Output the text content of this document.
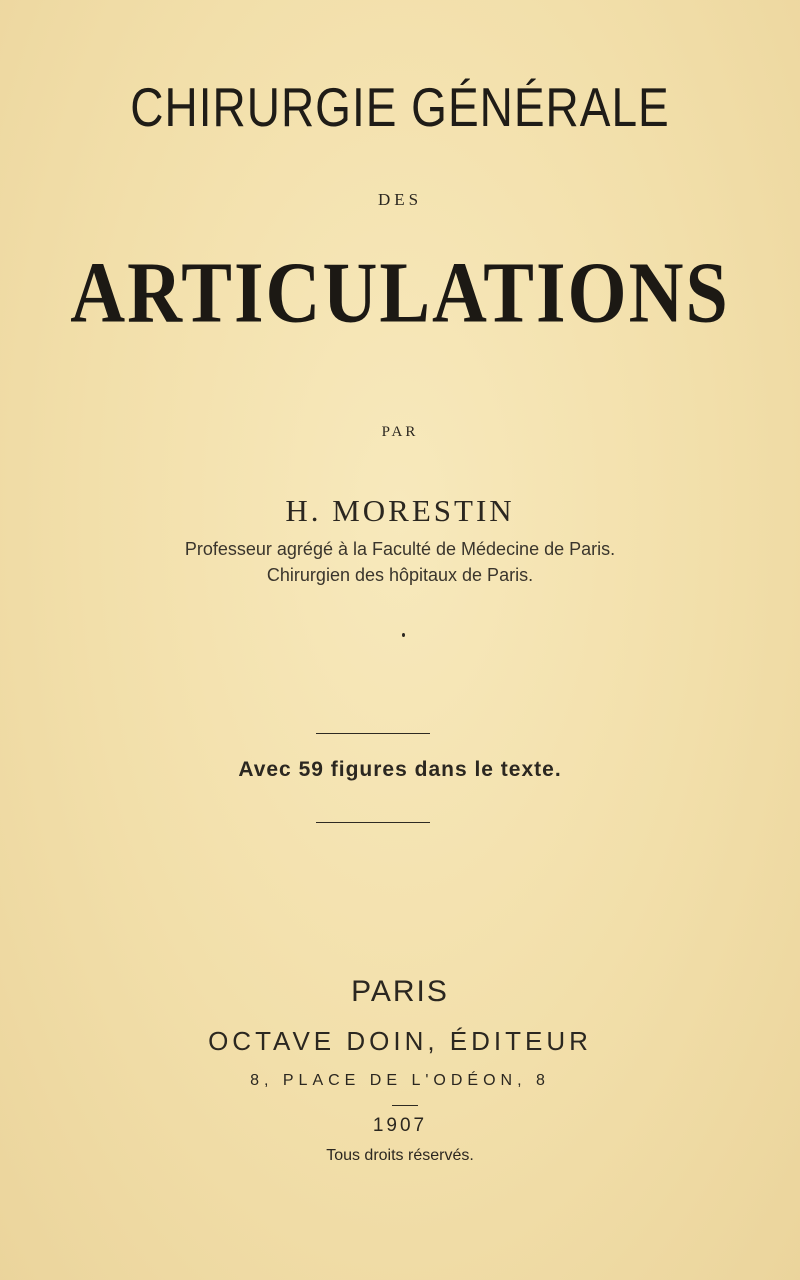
CHIRURGIE GÉNÉRALE
DES
ARTICULATIONS
PAR
H. MORESTIN
Professeur agrégé à la Faculté de Médecine de Paris.
Chirurgien des hôpitaux de Paris.
Avec 59 figures dans le texte.
PARIS
OCTAVE DOIN, ÉDITEUR
8, PLACE DE L'ODÉON, 8
1907
Tous droits réservés.
